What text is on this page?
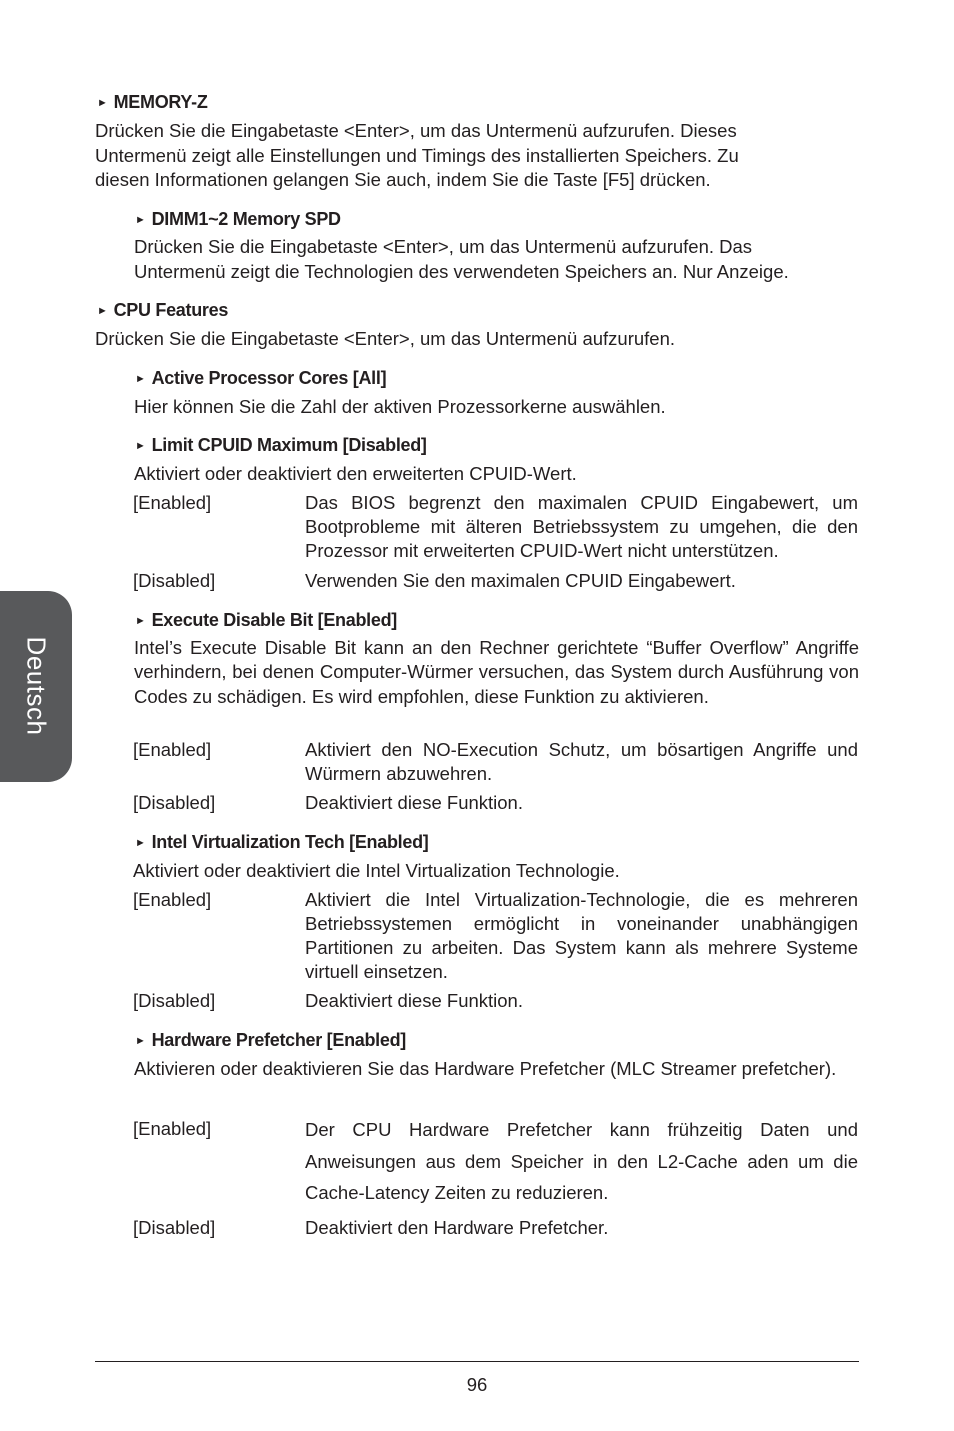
Deutsch
► MEMORY-Z
Drücken Sie die Eingabetaste <Enter>, um das Untermenü aufzurufen. Dieses
Untermenü zeigt alle Einstellungen und Timings des installierten Speichers. Zu
diesen Informationen gelangen Sie auch, indem Sie die Taste [F5] drücken.
► DIMM1~2 Memory SPD
Drücken Sie die Eingabetaste <Enter>, um das Untermenü aufzurufen. Das
Untermenü zeigt die Technologien des verwendeten Speichers an. Nur Anzeige.
► CPU Features
Drücken Sie die Eingabetaste <Enter>, um das Untermenü aufzurufen.
► Active Processor Cores [All]
Hier können Sie die Zahl der aktiven Prozessorkerne auswählen.
► Limit CPUID Maximum [Disabled]
Aktiviert oder deaktiviert den erweiterten CPUID-Wert.
[Enabled]	Das BIOS begrenzt den maximalen CPUID Eingabewert, um Bootprobleme mit älteren Betriebssystem zu umgehen, die den Prozessor mit erweiterten CPUID-Wert nicht unterstützen.
[Disabled]	Verwenden Sie den maximalen CPUID Eingabewert.
► Execute Disable Bit [Enabled]
Intel’s Execute Disable Bit kann an den Rechner gerichtete “Buffer Overflow” Angriffe verhindern, bei denen Computer-Würmer versuchen, das System durch Ausführung von Codes zu schädigen. Es wird empfohlen, diese Funktion zu aktivieren.
[Enabled]	Aktiviert den NO-Execution Schutz, um bösartigen Angriffe und Würmern abzuwehren.
[Disabled]	Deaktiviert diese Funktion.
► Intel Virtualization Tech [Enabled]
Aktiviert oder deaktiviert die Intel Virtualization Technologie.
[Enabled]	Aktiviert die Intel Virtualization-Technologie, die es mehreren Betriebssystemen ermöglicht in voneinander unabhängigen Partitionen zu arbeiten. Das System kann als mehrere Systeme virtuell einsetzen.
[Disabled]	Deaktiviert diese Funktion.
► Hardware Prefetcher [Enabled]
Aktivieren oder deaktivieren Sie das Hardware Prefetcher (MLC Streamer prefetcher).
[Enabled]	Der CPU Hardware Prefetcher kann frühzeitig Daten und Anweisungen aus dem Speicher in den L2-Cache aden um die Cache-Latency Zeiten zu reduzieren.
[Disabled]	Deaktiviert den Hardware Prefetcher.
96
